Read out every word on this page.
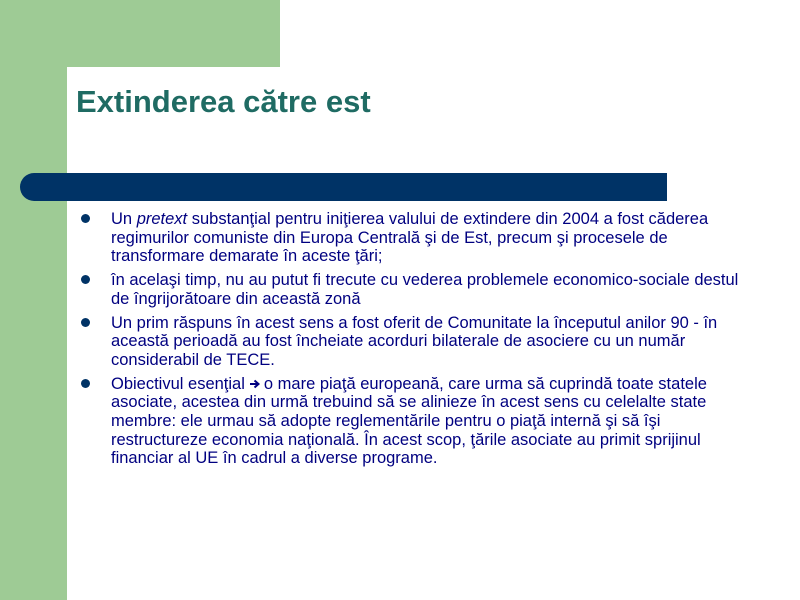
Extinderea către est
Un pretext substanţial pentru iniţierea valului de extindere din 2004 a fost căderea regimurilor comuniste din Europa Centrală şi de Est, precum şi procesele de transformare demarate în aceste ţări;
în acelaşi timp, nu au putut fi trecute cu vederea problemele economico-sociale destul de îngrijorătoare din această zonă
Un prim răspuns în acest sens a fost oferit de Comunitate la începutul anilor 90 - în această perioadă au fost încheiate acorduri bilaterale de asociere cu un număr considerabil de TECE.
Obiectivul esenţial o mare piaţă europeană, care urma să cuprindă toate statele asociate, acestea din urmă trebuind să se alinieze în acest sens cu celelalte state membre: ele urmau să adopte reglementările pentru o piaţă internă şi să îşi restructureze economia naţională. În acest scop, ţările asociate au primit sprijinul financiar al UE în cadrul a diverse programe.
